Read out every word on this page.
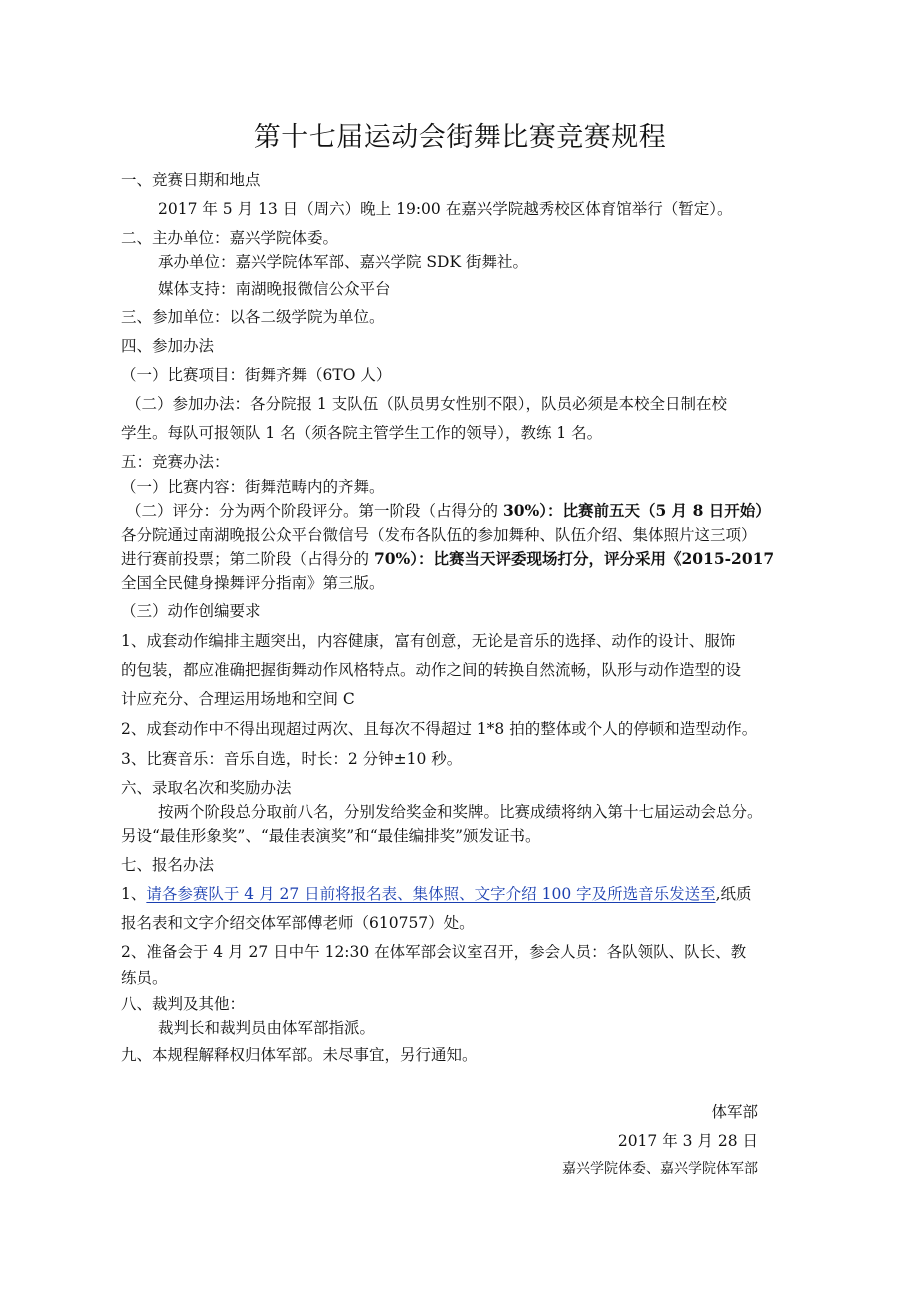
第十七届运动会街舞比赛竞赛规程
一、竞赛日期和地点
2017 年 5 月 13 日（周六）晚上 19:00 在嘉兴学院越秀校区体育馆举行（暂定）。
二、主办单位：嘉兴学院体委。
承办单位：嘉兴学院体军部、嘉兴学院 SDK 街舞社。
媒体支持：南湖晚报微信公众平台
三、参加单位：以各二级学院为单位。
四、参加办法
（一）比赛项目：街舞齐舞（6TO 人）
（二）参加办法：各分院报 1 支队伍（队员男女性别不限），队员必须是本校全日制在校
学生。每队可报领队 1 名（须各院主管学生工作的领导），教练 1 名。
五：竞赛办法：
（一）比赛内容：街舞范畴内的齐舞。
（二）评分：分为两个阶段评分。第一阶段（占得分的 30%）：比赛前五天（5 月 8 日开始）
各分院通过南湖晚报公众平台微信号（发布各队伍的参加舞种、队伍介绍、集体照片这三项）
进行赛前投票；第二阶段（占得分的 70%）：比赛当天评委现场打分，评分采用《2015-2017
全国全民健身操舞评分指南》第三版。
（三）动作创编要求
1、成套动作编排主题突出，内容健康，富有创意，无论是音乐的选择、动作的设计、服饰
的包装，都应准确把握街舞动作风格特点。动作之间的转换自然流畅，队形与动作造型的设
计应充分、合理运用场地和空间 C
2、成套动作中不得出现超过两次、且每次不得超过 1*8 拍的整体或个人的停顿和造型动作。
3、比赛音乐：音乐自选，时长：2 分钟±10 秒。
六、录取名次和奖励办法
按两个阶段总分取前八名，分别发给奖金和奖牌。比赛成绩将纳入第十七届运动会总分。
另设“最佳形象奖”、“最佳表演奖”和“最佳编排奖”颁发证书。
七、报名办法
1、请各参赛队于 4 月 27 日前将报名表、集体照、文字介绍 100 字及所选音乐发送至,纸质
报名表和文字介绍交体军部傅老师（610757）处。
2、准备会于 4 月 27 日中午 12:30 在体军部会议室召开，参会人员：各队领队、队长、教
练员。
八、裁判及其他：
裁判长和裁判员由体军部指派。
九、本规程解释权归体军部。未尽事宜，另行通知。
体军部
2017 年 3 月 28 日
嘉兴学院体委、嘉兴学院体军部
